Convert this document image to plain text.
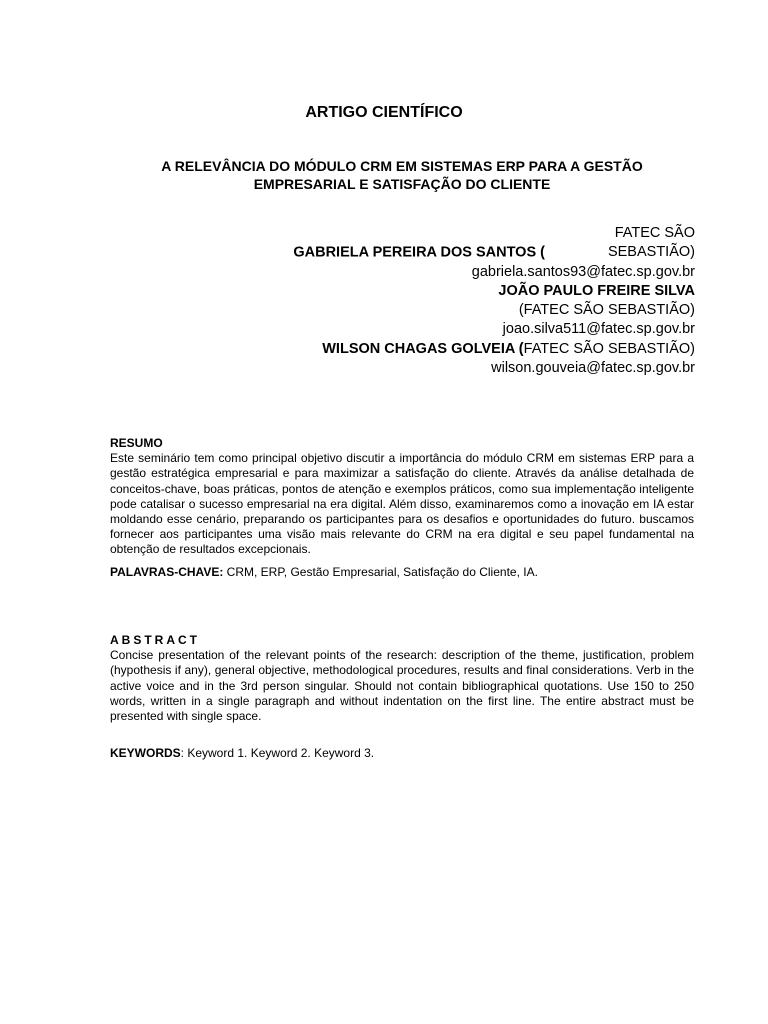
ARTIGO CIENTÍFICO
A RELEVÂNCIA DO MÓDULO CRM EM SISTEMAS ERP PARA A GESTÃO
EMPRESARIAL E SATISFAÇÃO DO CLIENTE
GABRIELA PEREIRA DOS SANTOS (FATEC SÃO SEBASTIÃO)
gabriela.santos93@fatec.sp.gov.br
JOÃO PAULO FREIRE SILVA
(FATEC SÃO SEBASTIÃO)
joao.silva511@fatec.sp.gov.br
WILSON CHAGAS GOLVEIA (FATEC SÃO SEBASTIÃO)
wilson.gouveia@fatec.sp.gov.br
RESUMO

Este seminário tem como principal objetivo discutir a importância do módulo CRM em sistemas ERP para a gestão estratégica empresarial e para maximizar a satisfação do cliente. Através da análise detalhada de conceitos-chave, boas práticas, pontos de atenção e exemplos práticos, como sua implementação inteligente pode catalisar o sucesso empresarial na era digital. Além disso, examinaremos como a inovação em IA estar moldando esse cenário, preparando os participantes para os desafios e oportunidades do futuro. buscamos fornecer aos participantes uma visão mais relevante do CRM na era digital e seu papel fundamental na obtenção de resultados excepcionais.

PALAVRAS-CHAVE: CRM, ERP, Gestão Empresarial, Satisfação do Cliente, IA.
ABSTRACT

Concise presentation of the relevant points of the research: description of the theme, justification, problem (hypothesis if any), general objective, methodological procedures, results and final considerations. Verb in the active voice and in the 3rd person singular. Should not contain bibliographical quotations. Use 150 to 250 words, written in a single paragraph and without indentation on the first line. The entire abstract must be presented with single space.

KEYWORDS: Keyword 1. Keyword 2. Keyword 3.
